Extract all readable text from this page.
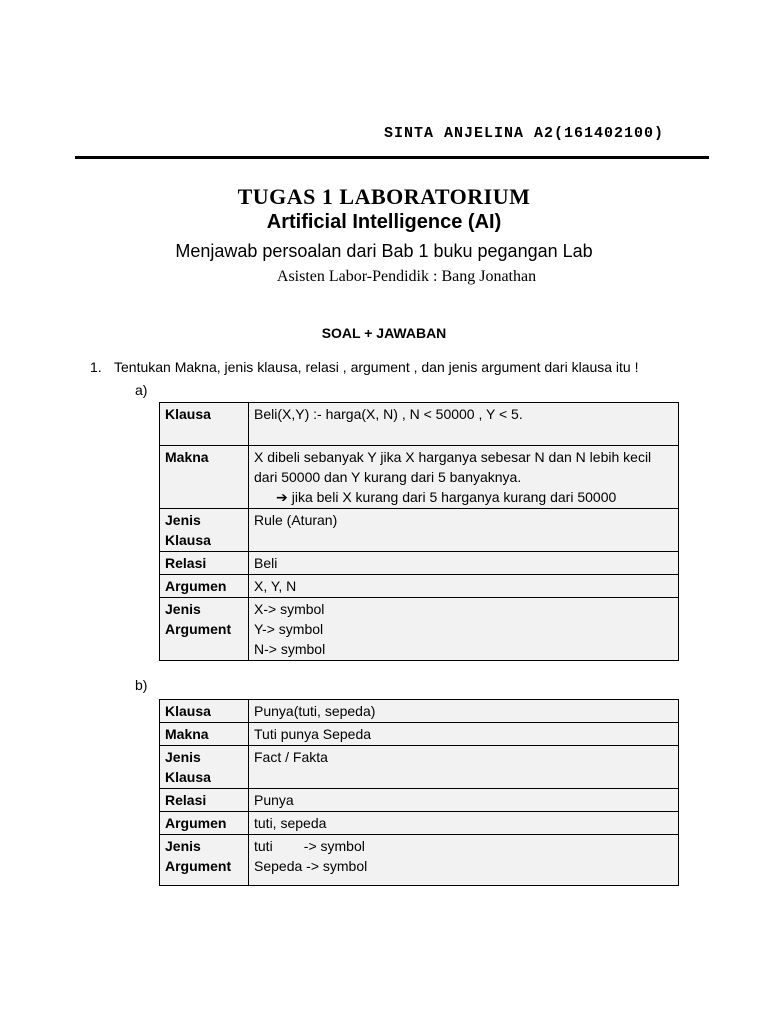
SINTA ANJELINA A2(161402100)
TUGAS 1 LABORATORIUM
Artificial Intelligence (AI)
Menjawab persoalan dari Bab 1 buku pegangan Lab
Asisten Labor-Pendidik : Bang Jonathan
SOAL + JAWABAN
1. Tentukan Makna, jenis klausa, relasi , argument , dan jenis argument dari klausa itu !
a)
Klausa	Beli(X,Y) :- harga(X, N) , N < 50000 , Y < 5.
Makna	X dibeli sebanyak Y jika X harganya sebesar N dan N lebih kecil
dari 50000 dan Y kurang dari 5 banyaknya.
➔ jika beli X kurang dari 5 harganya kurang dari 50000

Jenis
Klausa	Rule (Aturan)
Relasi	Beli
Argumen	X, Y, N

Jenis
Argument	X-> symbol
Y-> symbol
N-> symbol
b)
Klausa	Punya(tuti, sepeda)
Makna	Tuti punya Sepeda

Jenis
Klausa	Fact / Fakta
Relasi	Punya
Argumen	tuti, sepeda

Jenis
Argument	tuti        -> symbol
Sepeda -> symbol
